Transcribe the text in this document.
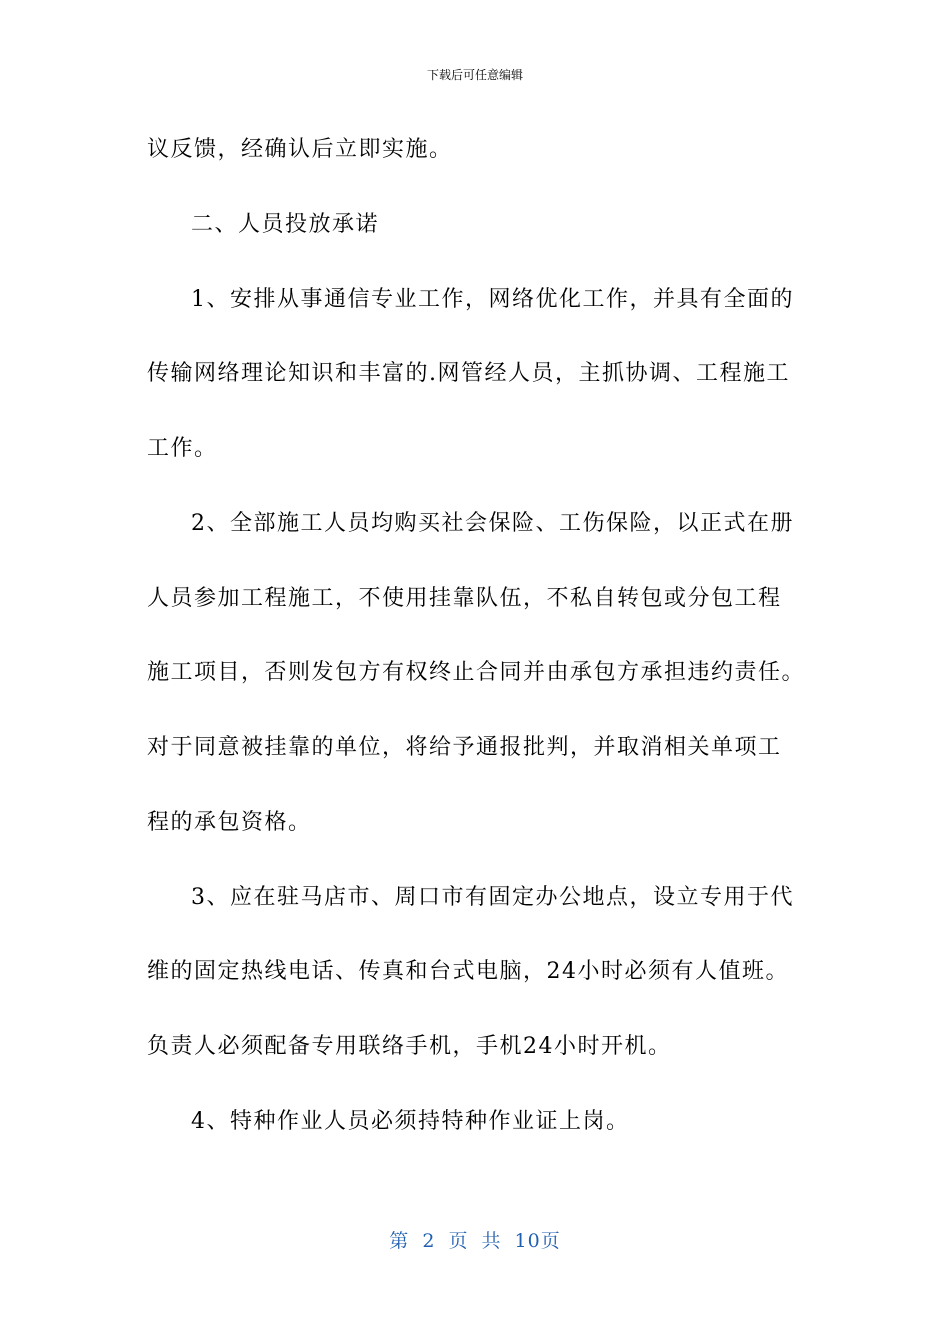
下载后可任意编辑
议反馈，经确认后立即实施。
二、人员投放承诺
1、安排从事通信专业工作，网络优化工作，并具有全面的
传输网络理论知识和丰富的.网管经人员，主抓协调、工程施工
工作。
2、全部施工人员均购买社会保险、工伤保险，以正式在册
人员参加工程施工，不使用挂靠队伍，不私自转包或分包工程
施工项目，否则发包方有权终止合同并由承包方承担违约责任。
对于同意被挂靠的单位，将给予通报批判，并取消相关单项工
程的承包资格。
3、应在驻马店市、周口市有固定办公地点，设立专用于代
维的固定热线电话、传真和台式电脑，24小时必须有人值班。
负责人必须配备专用联络手机，手机24小时开机。
4、特种作业人员必须持特种作业证上岗。
第 2 页 共 10页
